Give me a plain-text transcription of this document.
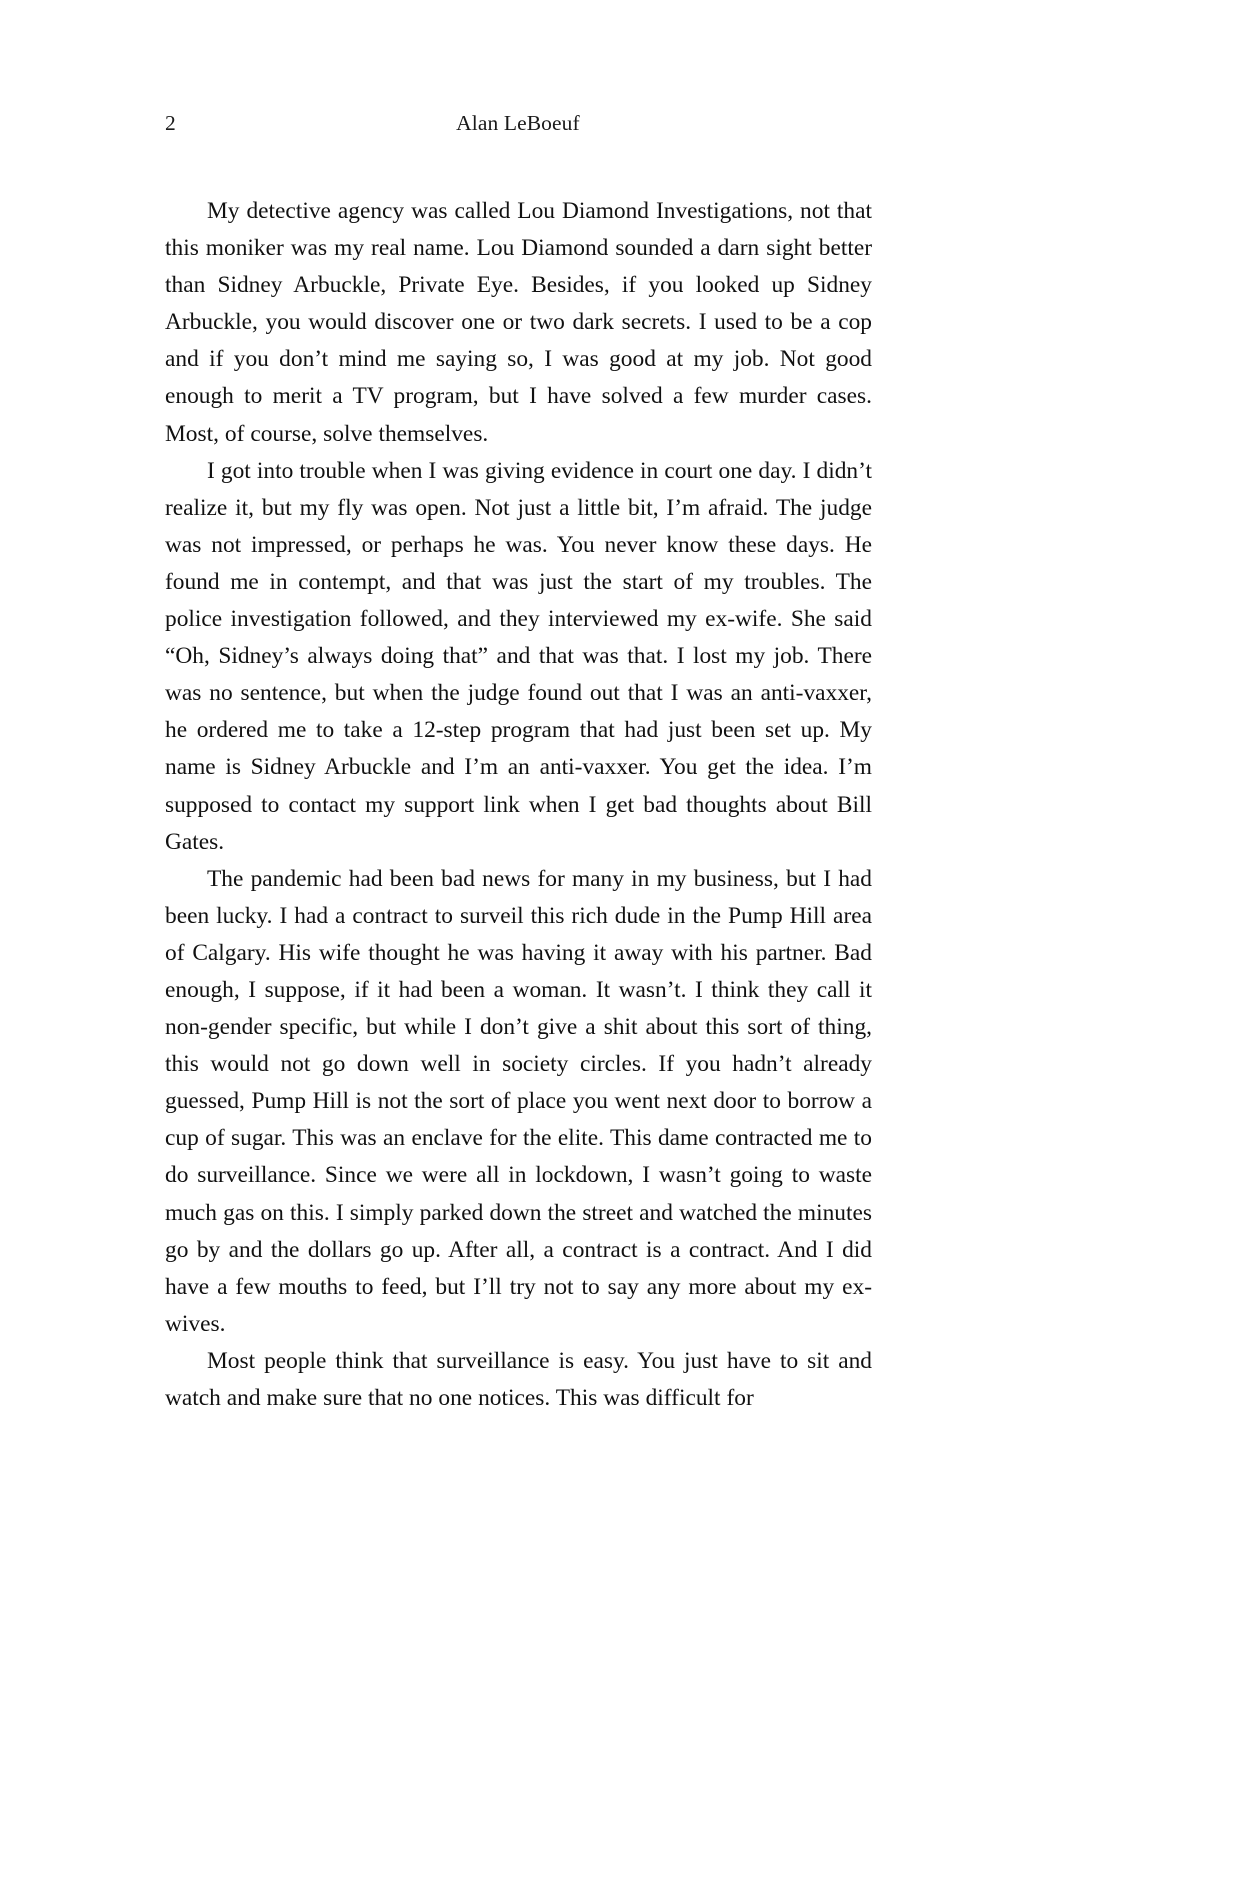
2	Alan LeBoeuf

My detective agency was called Lou Diamond Investigations, not that this moniker was my real name. Lou Diamond sounded a darn sight better than Sidney Arbuckle, Private Eye. Besides, if you looked up Sidney Arbuckle, you would discover one or two dark secrets. I used to be a cop and if you don’t mind me saying so, I was good at my job. Not good enough to merit a TV program, but I have solved a few murder cases. Most, of course, solve themselves.

I got into trouble when I was giving evidence in court one day. I didn’t realize it, but my fly was open. Not just a little bit, I’m afraid. The judge was not impressed, or perhaps he was. You never know these days. He found me in contempt, and that was just the start of my troubles. The police investigation followed, and they interviewed my ex-wife. She said “Oh, Sidney’s always doing that” and that was that. I lost my job. There was no sentence, but when the judge found out that I was an anti-vaxxer, he ordered me to take a 12-step program that had just been set up. My name is Sidney Arbuckle and I’m an anti-vaxxer. You get the idea. I’m supposed to contact my support link when I get bad thoughts about Bill Gates.

The pandemic had been bad news for many in my business, but I had been lucky. I had a contract to surveil this rich dude in the Pump Hill area of Calgary. His wife thought he was having it away with his partner. Bad enough, I suppose, if it had been a woman. It wasn’t. I think they call it non-gender specific, but while I don’t give a shit about this sort of thing, this would not go down well in society circles. If you hadn’t already guessed, Pump Hill is not the sort of place you went next door to borrow a cup of sugar. This was an enclave for the elite. This dame contracted me to do surveillance. Since we were all in lockdown, I wasn’t going to waste much gas on this. I simply parked down the street and watched the minutes go by and the dollars go up. After all, a contract is a contract. And I did have a few mouths to feed, but I’ll try not to say any more about my ex-wives.

Most people think that surveillance is easy. You just have to sit and watch and make sure that no one notices. This was difficult for
